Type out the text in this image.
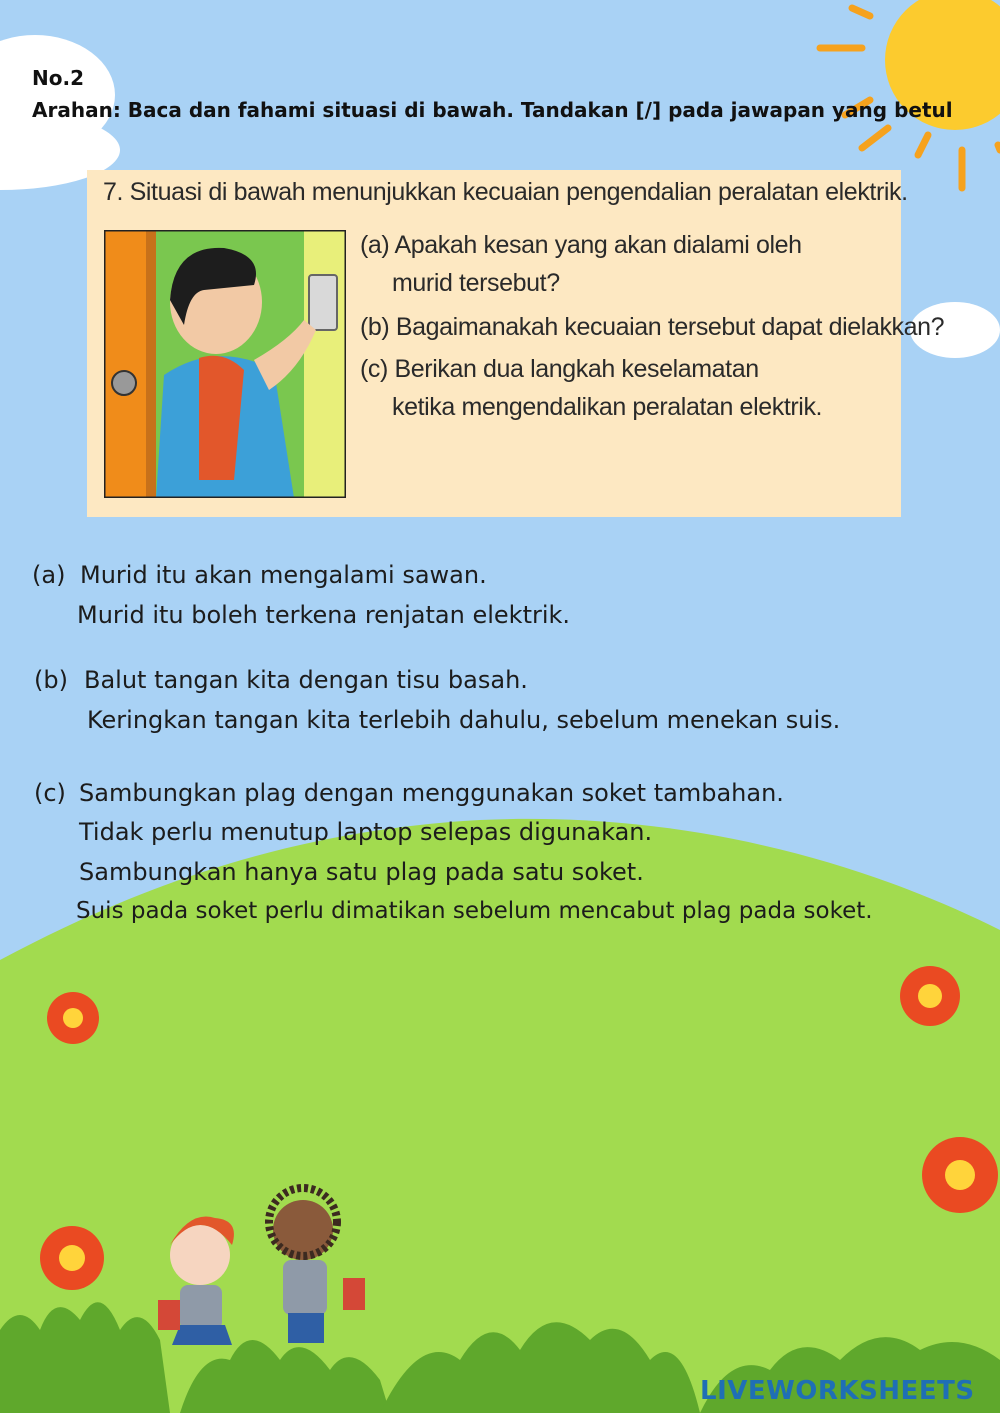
No.2
Arahan: Baca dan fahami situasi di bawah. Tandakan [/] pada jawapan yang betul
7. Situasi di bawah menunjukkan kecuaian pengendalian peralatan elektrik.
(a) Apakah kesan yang akan dialami oleh
murid tersebut?
(b) Bagaimanakah kecuaian tersebut dapat dielakkan?
(c) Berikan dua langkah keselamatan
ketika mengendalikan peralatan elektrik.
(a) Murid itu akan mengalami sawan.
Murid itu boleh terkena renjatan elektrik.
(b) Balut tangan kita dengan tisu basah.
Keringkan tangan kita terlebih dahulu, sebelum menekan suis.
(c) Sambungkan plag dengan menggunakan soket tambahan.
Tidak perlu menutup laptop selepas digunakan.
Sambungkan hanya satu plag pada satu soket.
Suis pada soket perlu dimatikan sebelum mencabut plag pada soket.
LIVEWORKSHEETS
